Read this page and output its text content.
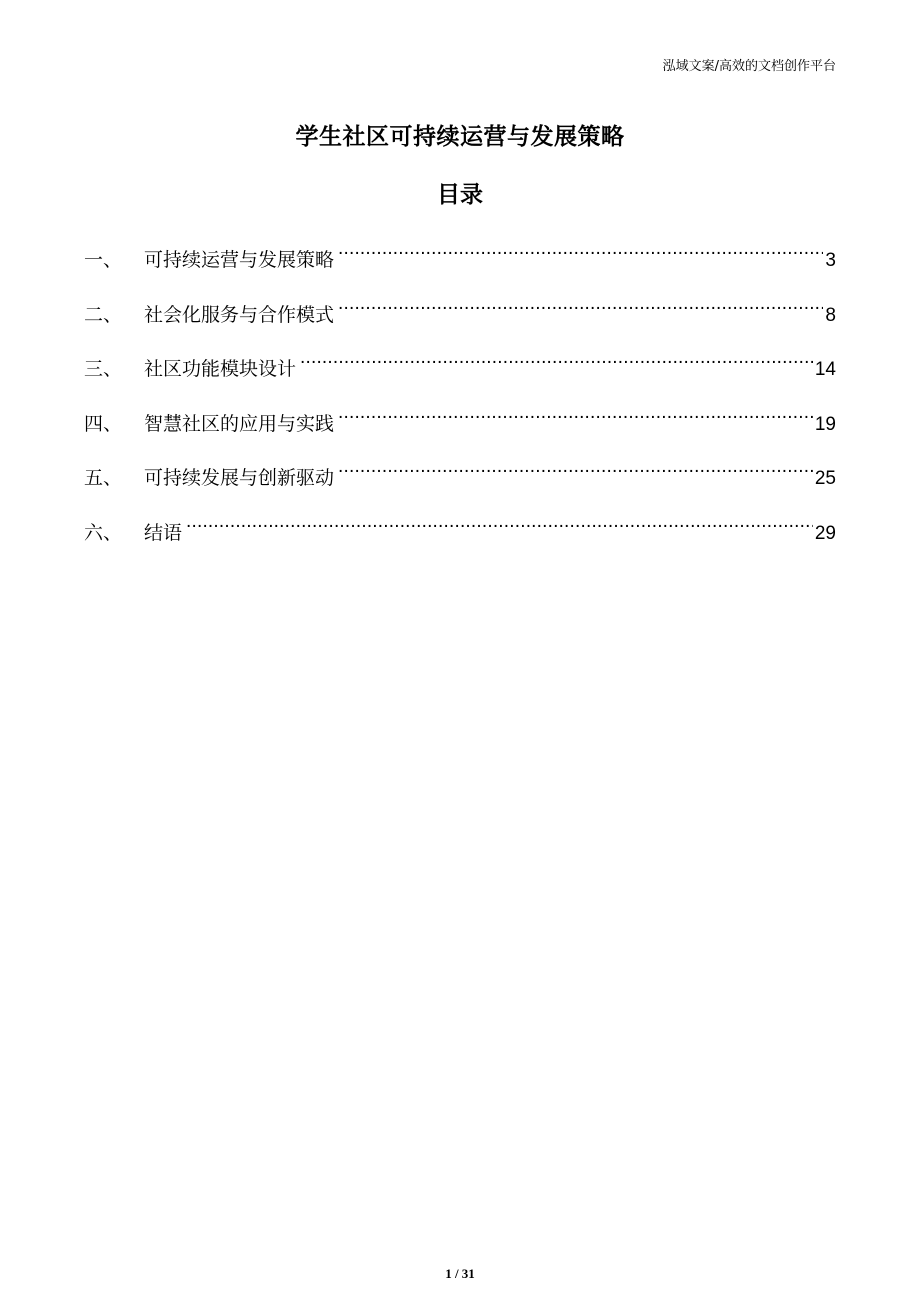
泓域文案/高效的文档创作平台
学生社区可持续运营与发展策略
目录
一、	可持续运营与发展策略 .....	3
二、	社会化服务与合作模式 .....	8
三、	社区功能模块设计 .....	14
四、	智慧社区的应用与实践 .....	19
五、	可持续发展与创新驱动 .....	25
六、	结语 .....	29
1 / 31
